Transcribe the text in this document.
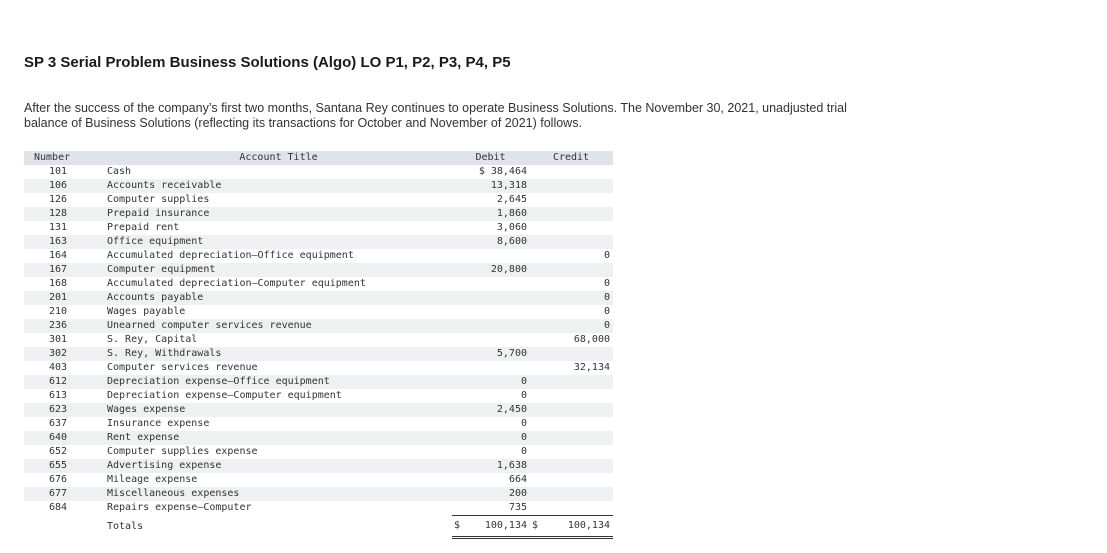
SP 3 Serial Problem Business Solutions (Algo) LO P1, P2, P3, P4, P5
After the success of the company’s first two months, Santana Rey continues to operate Business Solutions. The November 30, 2021, unadjusted trial balance of Business Solutions (reflecting its transactions for October and November of 2021) follows.
Number	Account Title	Debit	Credit
101	Cash	$ 38,464	
106	Accounts receivable	13,318	
126	Computer supplies	2,645	
128	Prepaid insurance	1,860	
131	Prepaid rent	3,060	
163	Office equipment	8,600	
164	Accumulated depreciation—Office equipment		0
167	Computer equipment	20,800	
168	Accumulated depreciation—Computer equipment		0
201	Accounts payable		0
210	Wages payable		0
236	Unearned computer services revenue		0
301	S. Rey, Capital		68,000
302	S. Rey, Withdrawals	5,700	
403	Computer services revenue		32,134
612	Depreciation expense—Office equipment	0	
613	Depreciation expense—Computer equipment	0	
623	Wages expense	2,450	
637	Insurance expense	0	
640	Rent expense	0	
652	Computer supplies expense	0	
655	Advertising expense	1,638	
676	Mileage expense	664	
677	Miscellaneous expenses	200	
684	Repairs expense—Computer	735	
	Totals	$ 100,134	$ 100,134
